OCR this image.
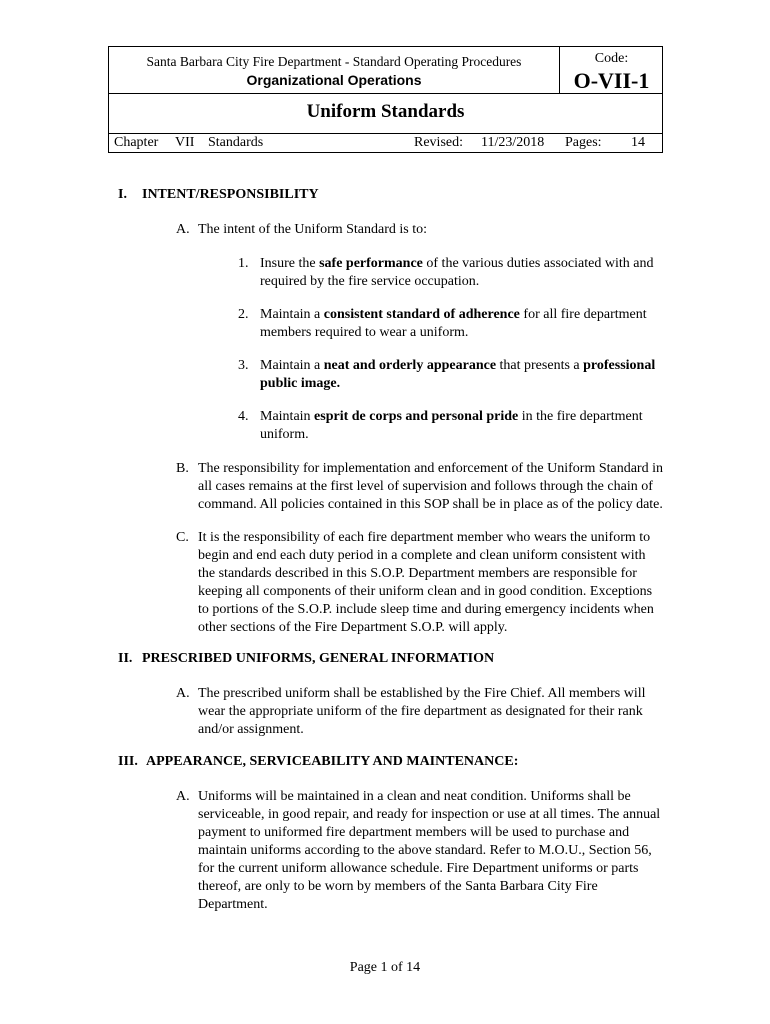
Santa Barbara City Fire Department - Standard Operating Procedures
Organizational Operations
Code:
O-VII-1
Uniform Standards
Chapter VII Standards	Revised: 11/23/2018 Pages: 14
I. INTENT/RESPONSIBILITY
A. The intent of the Uniform Standard is to:
1. Insure the safe performance of the various duties associated with and
required by the fire service occupation.
2. Maintain a consistent standard of adherence for all fire department
members required to wear a uniform.
3. Maintain a neat and orderly appearance that presents a professional
public image.
4. Maintain esprit de corps and personal pride in the fire department
uniform.
B. The responsibility for implementation and enforcement of the Uniform Standard in
all cases remains at the first level of supervision and follows through the chain of
command. All policies contained in this SOP shall be in place as of the policy date.
C. It is the responsibility of each fire department member who wears the uniform to
begin and end each duty period in a complete and clean uniform consistent with
the standards described in this S.O.P. Department members are responsible for
keeping all components of their uniform clean and in good condition. Exceptions
to portions of the S.O.P. include sleep time and during emergency incidents when
other sections of the Fire Department S.O.P. will apply.
II. PRESCRIBED UNIFORMS, GENERAL INFORMATION
A. The prescribed uniform shall be established by the Fire Chief. All members will
wear the appropriate uniform of the fire department as designated for their rank
and/or assignment.
III. APPEARANCE, SERVICEABILITY AND MAINTENANCE:
A. Uniforms will be maintained in a clean and neat condition. Uniforms shall be
serviceable, in good repair, and ready for inspection or use at all times. The annual
payment to uniformed fire department members will be used to purchase and
maintain uniforms according to the above standard. Refer to M.O.U., Section 56,
for the current uniform allowance schedule. Fire Department uniforms or parts
thereof, are only to be worn by members of the Santa Barbara City Fire
Department.
Page 1 of 14
